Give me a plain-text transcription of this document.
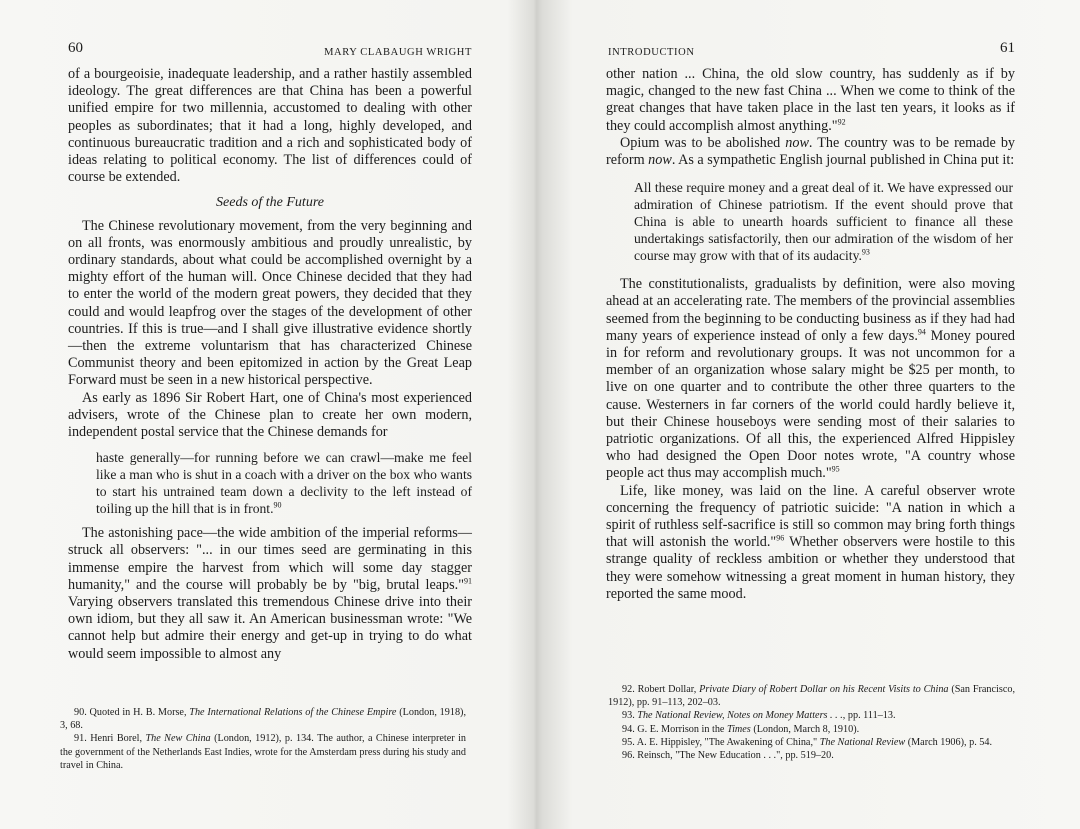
60	MARY CLABAUGH WRIGHT

of a bourgeoisie, inadequate leadership, and a rather hastily assembled ideology. The great differences are that China has been a powerful unified empire for two millennia, accustomed to dealing with other peoples as subordinates; that it had a long, highly developed, and continuous bureaucratic tradition and a rich and sophisticated body of ideas relating to political economy. The list of differences could of course be extended.

Seeds of the Future

The Chinese revolutionary movement, from the very beginning and on all fronts, was enormously ambitious and proudly unrealistic, by ordinary standards, about what could be accomplished overnight by a mighty effort of the human will. Once Chinese decided that they had to enter the world of the modern great powers, they decided that they could and would leapfrog over the stages of the development of other countries. If this is true—and I shall give illustrative evidence shortly—then the extreme voluntarism that has characterized Chinese Communist theory and been epitomized in action by the Great Leap Forward must be seen in a new historical perspective.

As early as 1896 Sir Robert Hart, one of China's most experienced advisers, wrote of the Chinese plan to create her own modern, independent postal service that the Chinese demands for

haste generally—for running before we can crawl—make me feel like a man who is shut in a coach with a driver on the box who wants to start his untrained team down a declivity to the left instead of toiling up the hill that is in front.$^{90}$

The astonishing pace—the wide ambition of the imperial reforms—struck all observers: "... in our times seed are germinating in this immense empire the harvest from which will some day stagger humanity," and the course will probably be by "big, brutal leaps."$^{91}$ Varying observers translated this tremendous Chinese drive into their own idiom, but they all saw it. An American businessman wrote: "We cannot help but admire their energy and get-up in trying to do what would seem impossible to almost any

90. Quoted in H. B. Morse, The International Relations of the Chinese Empire (London, 1918), 3, 68.

91. Henri Borel, The New China (London, 1912), p. 134. The author, a Chinese interpreter in the government of the Netherlands East Indies, wrote for the Amsterdam press during his study and travel in China.

INTRODUCTION	61

other nation ... China, the old slow country, has suddenly as if by magic, changed to the new fast China ... When we come to think of the great changes that have taken place in the last ten years, it looks as if they could accomplish almost anything."$^{92}$

Opium was to be abolished now. The country was to be remade by reform now. As a sympathetic English journal published in China put it:

All these require money and a great deal of it. We have expressed our admiration of Chinese patriotism. If the event should prove that China is able to unearth hoards sufficient to finance all these undertakings satisfactorily, then our admiration of the wisdom of her course may grow with that of its audacity.$^{93}$

The constitutionalists, gradualists by definition, were also moving ahead at an accelerating rate. The members of the provincial assemblies seemed from the beginning to be conducting business as if they had had many years of experience instead of only a few days.$^{94}$ Money poured in for reform and revolutionary groups. It was not uncommon for a member of an organization whose salary might be $25 per month, to live on one quarter and to contribute the other three quarters to the cause. Westerners in far corners of the world could hardly believe it, but their Chinese houseboys were sending most of their salaries to patriotic organizations. Of all this, the experienced Alfred Hippisley who had designed the Open Door notes wrote, "A country whose people act thus may accomplish much."$^{95}$

Life, like money, was laid on the line. A careful observer wrote concerning the frequency of patriotic suicide: "A nation in which a spirit of ruthless self-sacrifice is still so common may bring forth things that will astonish the world."$^{96}$ Whether observers were hostile to this strange quality of reckless ambition or whether they understood that they were somehow witnessing a great moment in human history, they reported the same mood.

92. Robert Dollar, Private Diary of Robert Dollar on his Recent Visits to China (San Francisco, 1912), pp. 91–113, 202–03.

93. The National Review, Notes on Money Matters . . ., pp. 111–13.

94. G. E. Morrison in the Times (London, March 8, 1910).

95. A. E. Hippisley, "The Awakening of China," The National Review (March 1906), p. 54.

96. Reinsch, "The New Education . . .", pp. 519–20.
